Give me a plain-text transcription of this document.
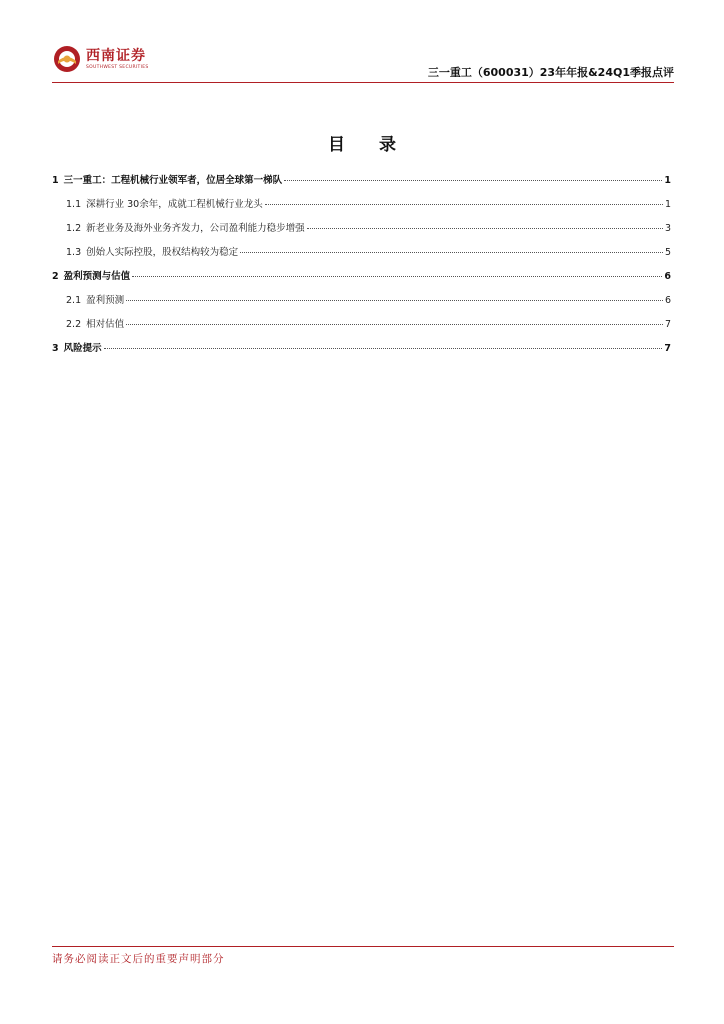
西南证券
SOUTHWEST SECURITIES	三一重工（600031）23年年报&24Q1季报点评
目 录
1 三一重工：工程机械行业领军者，位居全球第一梯队	1
1.1 深耕行业 30余年，成就工程机械行业龙头	1
1.2 新老业务及海外业务齐发力，公司盈利能力稳步增强	3
1.3 创始人实际控股，股权结构较为稳定	5
2 盈利预测与估值	6
2.1 盈利预测	6
2.2 相对估值	7
3 风险提示	7
请务必阅读正文后的重要声明部分
